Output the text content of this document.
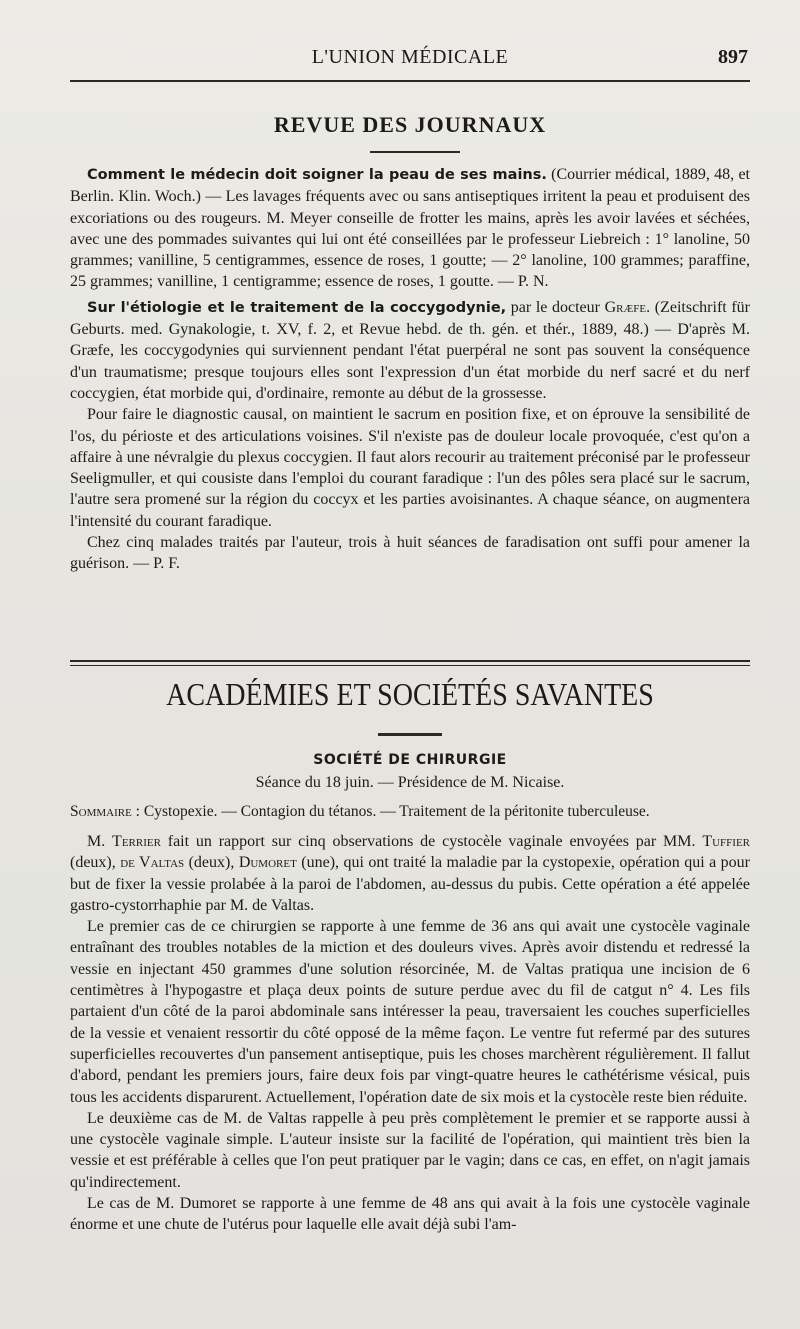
L'UNION MÉDICALE	897
REVUE DES JOURNAUX

Comment le médecin doit soigner la peau de ses mains. (Courrier médical, 1889, 48, et Berlin. Klin. Woch.) — Les lavages fréquents avec ou sans antiseptiques irritent la peau et produisent des excoriations ou des rougeurs. M. Meyer conseille de frotter les mains, après les avoir lavées et séchées, avec une des pommades suivantes qui lui ont été conseillées par le professeur Liebreich : 1° lanoline, 50 grammes; vanilline, 5 centigrammes, essence de roses, 1 goutte; — 2° lanoline, 100 grammes; paraffine, 25 grammes; vanilline, 1 centigramme; essence de roses, 1 goutte. — P. N.

Sur l'étiologie et le traitement de la coccygodynie, par le docteur Græfe. (Zeitschrift für Geburts. med. Gynakologie, t. XV, f. 2, et Revue hebd. de th. gén. et thér., 1889, 48.) — D'après M. Græfe, les coccygodynies qui surviennent pendant l'état puerpéral ne sont pas souvent la conséquence d'un traumatisme; presque toujours elles sont l'expression d'un état morbide du nerf sacré et du nerf coccygien, état morbide qui, d'ordinaire, remonte au début de la grossesse.

Pour faire le diagnostic causal, on maintient le sacrum en position fixe, et on éprouve la sensibilité de l'os, du périoste et des articulations voisines. S'il n'existe pas de douleur locale provoquée, c'est qu'on a affaire à une névralgie du plexus coccygien. Il faut alors recourir au traitement préconisé par le professeur Seeligmuller, et qui cousiste dans l'emploi du courant faradique : l'un des pôles sera placé sur le sacrum, l'autre sera promené sur la région du coccyx et les parties avoisinantes. A chaque séance, on augmentera l'intensité du courant faradique.

Chez cinq malades traités par l'auteur, trois à huit séances de faradisation ont suffi pour amener la guérison. — P. F.

ACADÉMIES ET SOCIÉTÉS SAVANTES
SOCIÉTÉ DE CHIRURGIE
Séance du 18 juin. — Présidence de M. Nicaise.
Sommaire : Cystopexie. — Contagion du tétanos. — Traitement de la péritonite tuberculeuse.

M. Terrier fait un rapport sur cinq observations de cystocèle vaginale envoyées par MM. Tuffier (deux), de Valtas (deux), Dumoret (une), qui ont traité la maladie par la cystopexie, opération qui a pour but de fixer la vessie prolabée à la paroi de l'abdomen, au-dessus du pubis. Cette opération a été appelée gastro-cystorrhaphie par M. de Valtas.

Le premier cas de ce chirurgien se rapporte à une femme de 36 ans qui avait une cystocèle vaginale entraînant des troubles notables de la miction et des douleurs vives. Après avoir distendu et redressé la vessie en injectant 450 grammes d'une solution résorcinée, M. de Valtas pratiqua une incision de 6 centimètres à l'hypogastre et plaça deux points de suture perdue avec du fil de catgut n° 4. Les fils partaient d'un côté de la paroi abdominale sans intéresser la peau, traversaient les couches superficielles de la vessie et venaient ressortir du côté opposé de la même façon. Le ventre fut refermé par des sutures superficielles recouvertes d'un pansement antiseptique, puis les choses marchèrent régulièrement. Il fallut d'abord, pendant les premiers jours, faire deux fois par vingt-quatre heures le cathétérisme vésical, puis tous les accidents disparurent. Actuellement, l'opération date de six mois et la cystocèle reste bien réduite.

Le deuxième cas de M. de Valtas rappelle à peu près complètement le premier et se rapporte aussi à une cystocèle vaginale simple. L'auteur insiste sur la facilité de l'opération, qui maintient très bien la vessie et est préférable à celles que l'on peut pratiquer par le vagin; dans ce cas, en effet, on n'agit jamais qu'indirectement.

Le cas de M. Dumoret se rapporte à une femme de 48 ans qui avait à la fois une cystocèle vaginale énorme et une chute de l'utérus pour laquelle elle avait déjà subi l'am-
